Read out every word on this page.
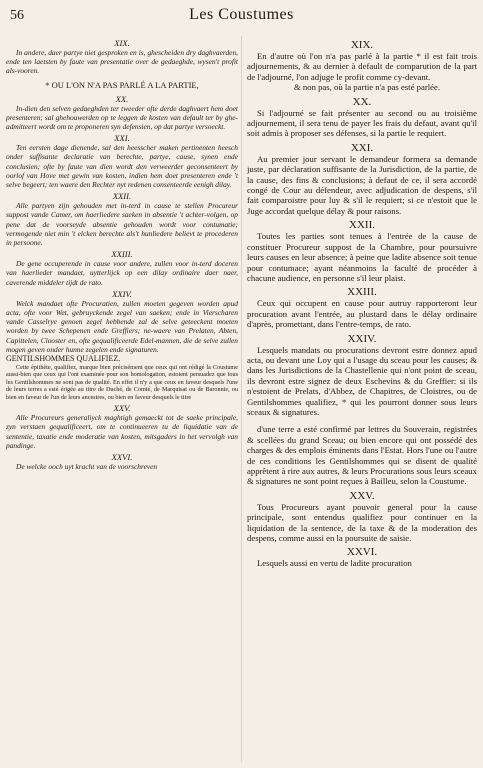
56	Les Coustumes
XIX.

In andere, daer partye niet gesproken en is, ghescheiden dry daghvaerden, ende ten laetsten by faute van presentatie over de gedaeghde, wysen't profit als-vooren.

* OU L'ON N'A PAS PARLÉ A LA PARTIE,
XX.

In-dien den selven gedaeghden ter tweeder ofte derde daghvaert hem doet presenteren; sal ghehouwerden op te leggen de kosten van default ter by ghe-admitteert wordt om te proponeren syn defensien, op dat partye versoeckt.

XXI.

Ten eersten dage dienende, sal den heesscher maken pertinenten heesch onder suffisante declaratie van berechte, partye, cause, synen ende conclusien; ofte by faute van dien wordt den verweerder geconsenteert by oorlof van Hove met gewin van kosten, indien hem doet presenteren ende 't selve begeert; ten waere den Rechter nyt redenen consenteerde eenigh dilay.

XXII.

Alle partyen zijn gehouden met in-terd in cause te stellen Procureur suppost vande Camer, om haerliedere saeken in absentie 't achter-volgen, op pene dat de voorseyde absentie gehouden wordt voor contumatie; vermogende niet min 't elcken berechte als't hunliedere believt te procederen in persoone.

XXIII.

De gene occuperende in cause voor andere, zullen voor in-terd doceren van haerlieder mandaet, uytterlijck op een dilay ordinaire daer naer, caverende middeler tijdt de rato.

XXIV.

Welck mandaet ofte Procuratien, zullen moeten gegeven worden apud acta, ofte voor Wet, gebruyckende zegel van saeken; ende in Vierscharen vande Casselrye genoen zegel hebbende zal de selve geteeckent moeten worden by twee Schepenen ende Greffiers; ne-waere van Prelaten, Abten, Capittelen, Clooster en, ofte gequalificeerde Edel-mannen, die de selve zullen mogen geven onder hunne zegelen ende signaturen.

GENTILSHOMMES QUALIFIEZ.

Cette épithète, qualifiez, marque bien précisément que ceux qui ont rédigé la Coustume aussi-bien que ceux qui l'ont examinée pour son homologation, estoient persuadez que tous les Gentilshommes ne sont pas de qualité. En effet il n'y a que ceux en faveur desquels l'une de leurs terres a esté érigée au titre de Duché, de Comté, de Marquisat ou de Baronnie, ou bien en faveur de l'un de leurs ancestres, ou bien en faveur desquels le titre

XXV.

Alle Procureurs generaliyck maghtigh gemaeckt tot de saeke principale, zyn verstaen gequalificeert, om te continueeren tu de liquidatie van de sententie, taxatie ende moderatie van kosten, mitsgaders in het vervolgh van pandinge.

XXVI.

De welcke ooch uyt kracht van de voorschreven

XIX.

En d'autre où l'on n'a pas parlé à la partie * il est fait trois adjournements, & au dernier à default de comparution de la part de l'adjourné, l'on adjuge le profit comme cy-devant.

& non pas, où la partie n'a pas esté parlée.

XX.

Si l'adjourné se fait présenter au second ou au troisième adjournement, il sera tenu de payer les frais du defaut, avant qu'il soit admis à proposer ses défenses, si la partie le requiert.

XXI.

Au premier jour servant le demandeur formera sa demande juste, par déclaration suffisante de la Jurisdiction, de la partie, de la cause, des fins & conclusions; à defaut de ce, il sera accordé congé de Cour au défendeur, avec adjudication de despens, s'il fait comparoistre pour luy & s'il le requiert; si ce n'estoit que le Juge accordat quelque délay & pour raisons.

XXII.

Toutes les parties sont tenues à l'entrée de la cause de constituer Procureur suppost de la Chambre, pour poursuivre leurs causes en leur absence; à peine que ladite absence soit tenue pour contumace; ayant néanmoins la faculté de procéder à chacune audience, en personne s'il leur plaist.

XXIII.

Ceux qui occupent en cause pour autruy rapporteront leur procuration avant l'entrée, au plustard dans le délay ordinaire d'après, promettant, dans l'entre-temps, de rato.

XXIV.

Lesquels mandats ou procurations devront estre donnez apud acta, ou devant une Loy qui a l'usage du sceau pour les causes; & dans les Jurisdictions de la Chastellenie qui n'ont point de sceau, ils devront estre signez de deux Eschevins & du Greffier: si ils n'estoient de Prelats, d'Abbez, de Chapitres, de Cloistres, ou de Gentilshommes qualifiez, * qui les pourront donner sous leurs sceaux & signatures.

d'une terre a esté confirmé par lettres du Souverain, registrées & scellées du grand Sceau; ou bien encore qui ont possédé des charges & des emplois éminents dans l'Estat. Hors l'une ou l'autre de ces conditions les Gentilshommes qui se disent de qualité apprêtent à rire aux autres, & leurs Procurations sous leurs sceaux & signatures ne sont point reçues à Bailleu, selon la Coustume.

XXV.

Tous Procureurs ayant pouvoir general pour la cause principale, sont entendus qualifiez pour continuer en la liquidation de la sentence, de la taxe & de la moderation des despens, comme aussi en la poursuite de saisie.

XXVI.

Lesquels aussi en vertu de ladite procuration
